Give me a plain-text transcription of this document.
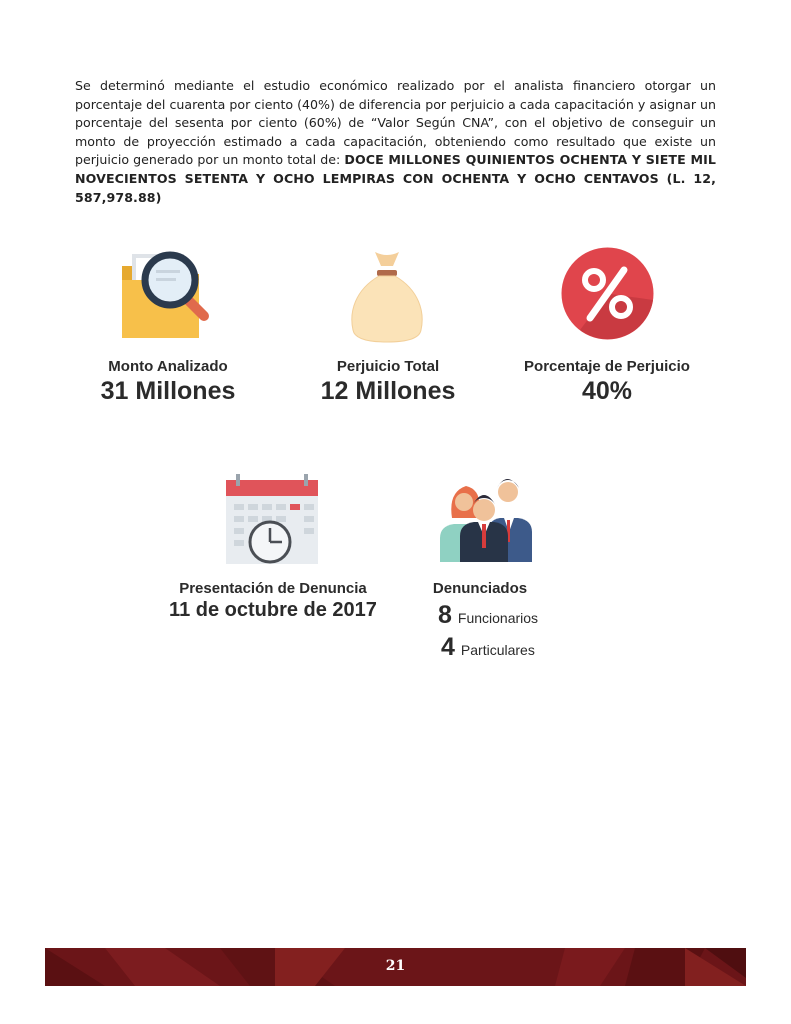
Se determinó mediante el estudio económico realizado por el analista financiero otorgar un porcentaje del cuarenta por ciento (40%) de diferencia por perjuicio a cada capacitación y asignar un porcentaje del sesenta por ciento (60%) de “Valor Según CNA”, con el objetivo de conseguir un monto de proyección estimado a cada capacitación, obteniendo como resultado que existe un perjuicio generado por un monto total de: DOCE MILLONES QUINIENTOS OCHENTA Y SIETE MIL NOVECIENTOS SETENTA Y OCHO LEMPIRAS CON OCHENTA Y OCHO CENTAVOS (L. 12, 587,978.88)
Monto Analizado
31 Millones
Perjuicio Total
12 Millones
Porcentaje de Perjuicio
40%
Presentación de Denuncia
11 de octubre de 2017
Denunciados
8 Funcionarios
4 Particulares
21
